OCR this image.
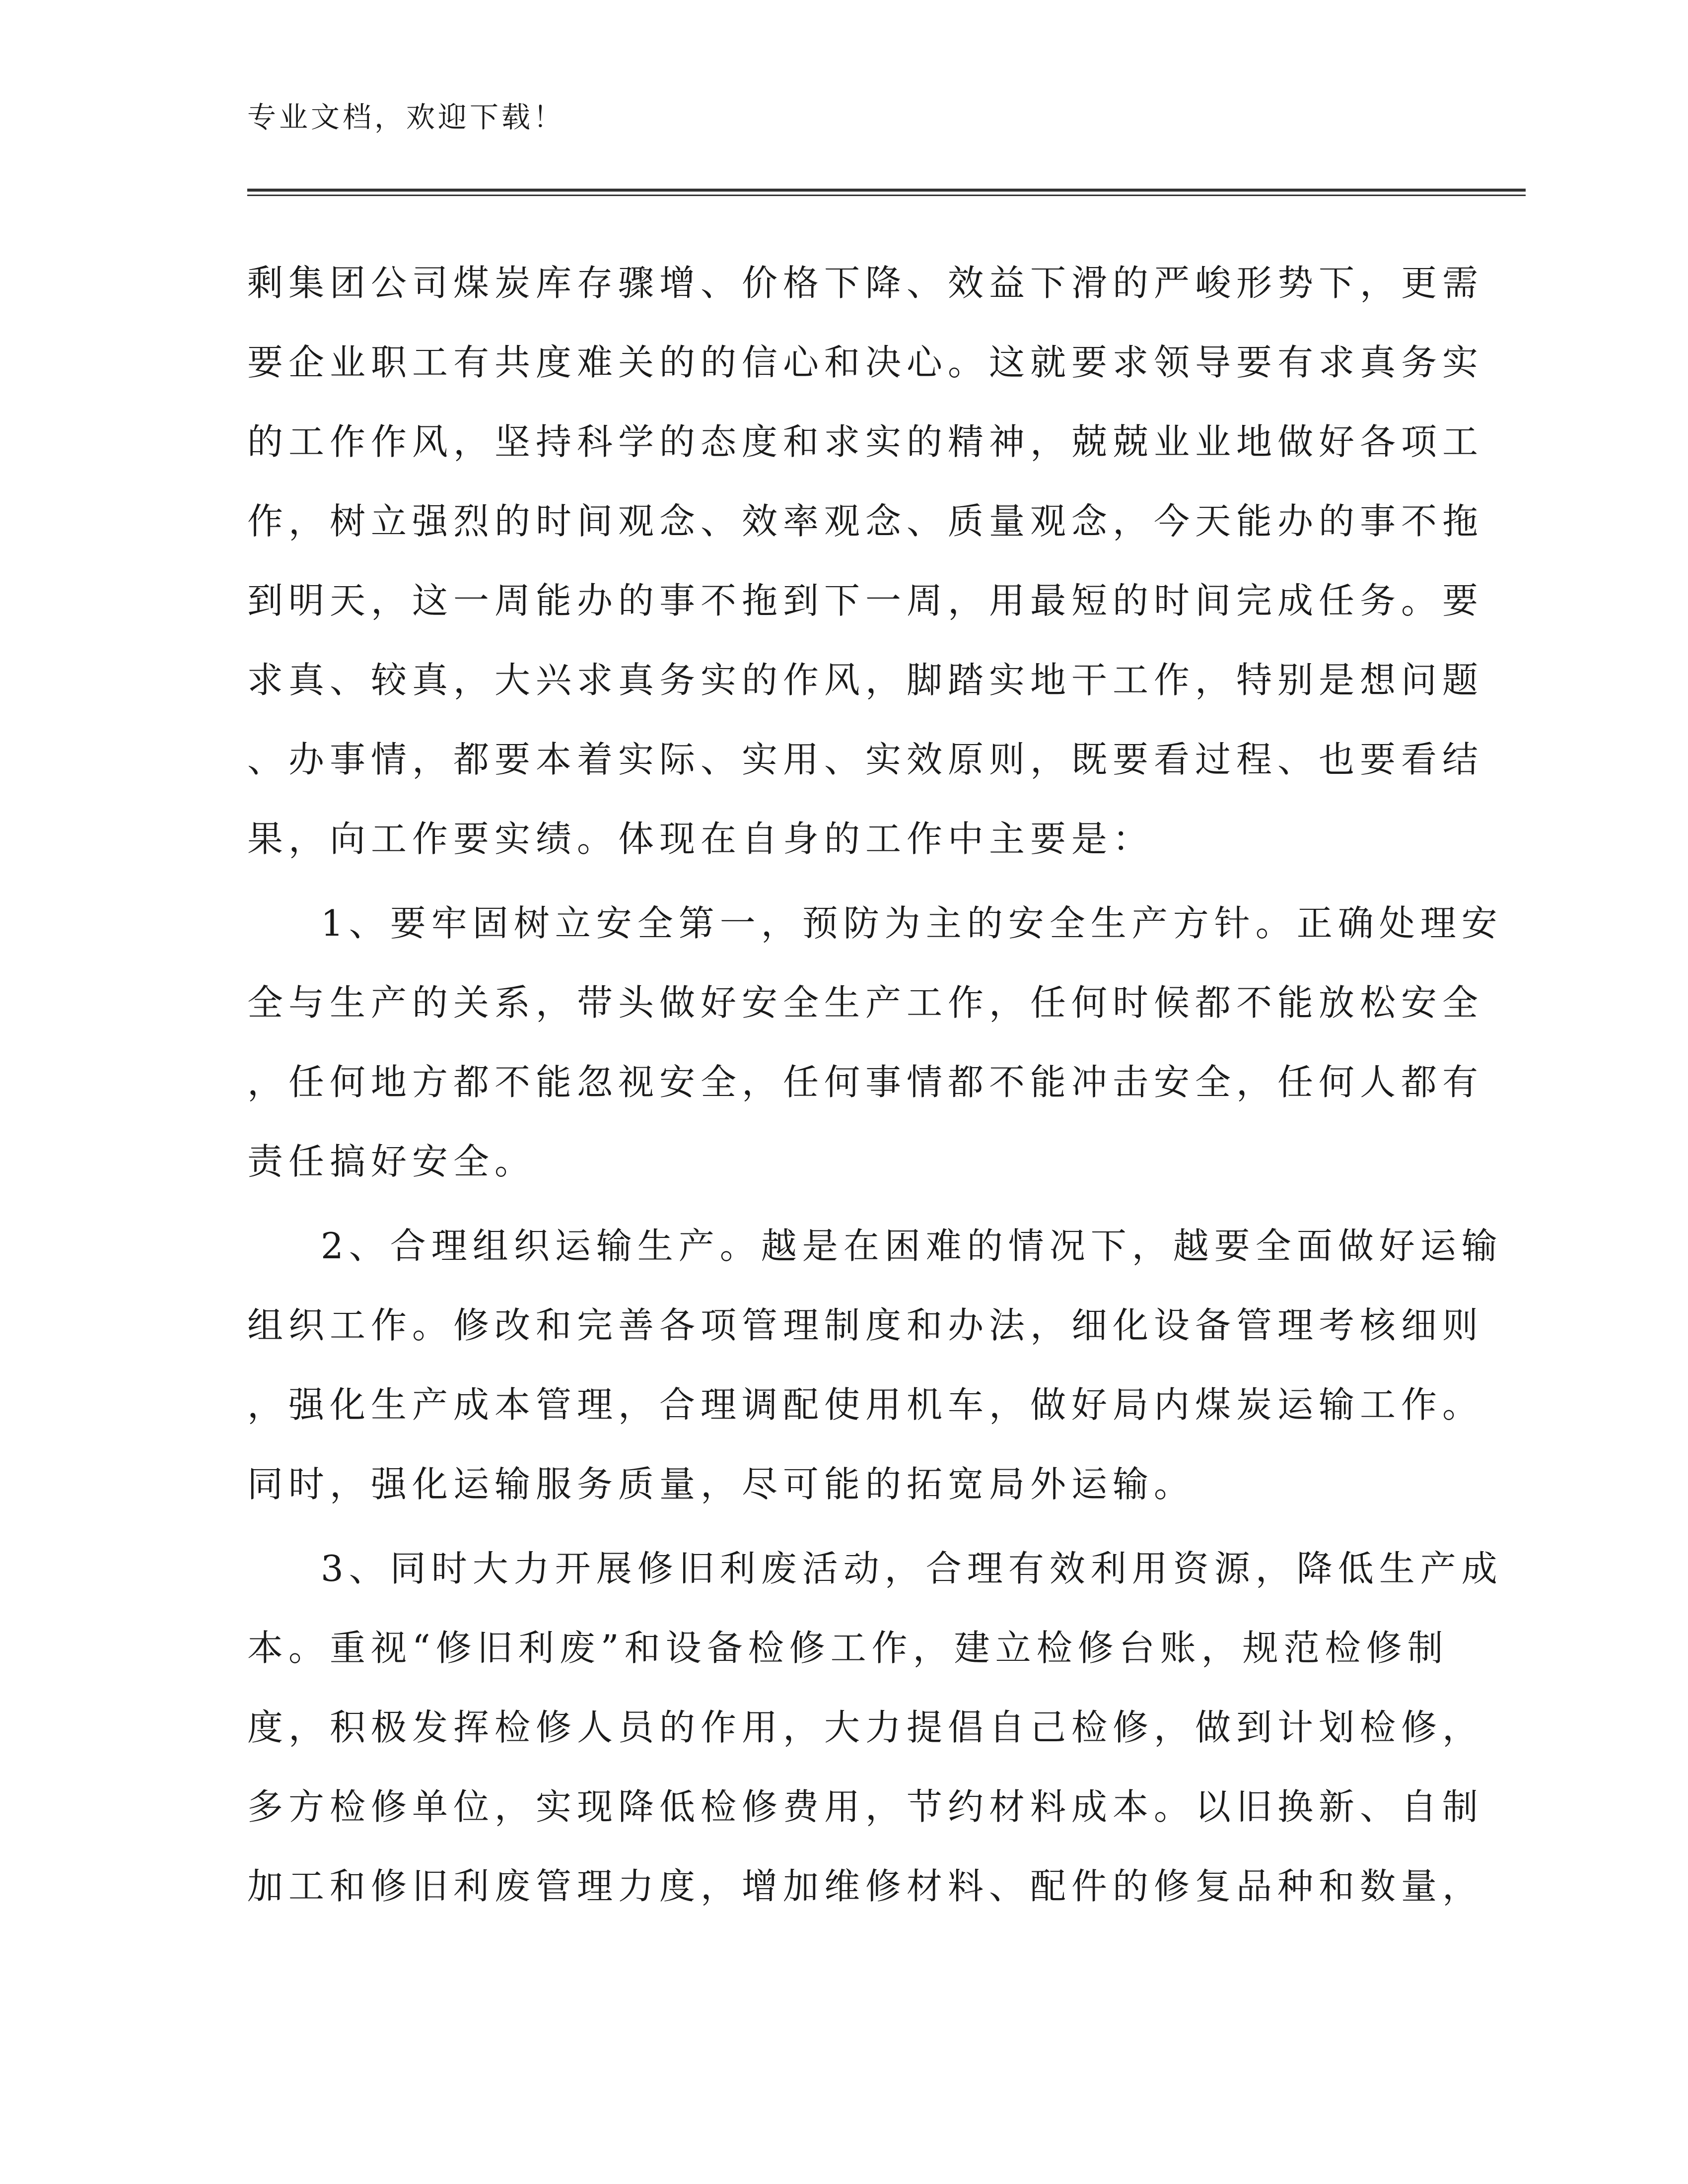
专业文档，欢迎下载！
剩集团公司煤炭库存骤增、价格下降、效益下滑的严峻形势下，更需
要企业职工有共度难关的的信心和决心。这就要求领导要有求真务实
的工作作风，坚持科学的态度和求实的精神，兢兢业业地做好各项工
作，树立强烈的时间观念、效率观念、质量观念，今天能办的事不拖
到明天，这一周能办的事不拖到下一周，用最短的时间完成任务。要
求真、较真，大兴求真务实的作风，脚踏实地干工作，特别是想问题
、办事情，都要本着实际、实用、实效原则，既要看过程、也要看结
果，向工作要实绩。体现在自身的工作中主要是：
1、要牢固树立安全第一，预防为主的安全生产方针。正确处理安
全与生产的关系，带头做好安全生产工作，任何时候都不能放松安全
，任何地方都不能忽视安全，任何事情都不能冲击安全，任何人都有
责任搞好安全。
2、合理组织运输生产。越是在困难的情况下，越要全面做好运输
组织工作。修改和完善各项管理制度和办法，细化设备管理考核细则
，强化生产成本管理，合理调配使用机车，做好局内煤炭运输工作。
同时，强化运输服务质量，尽可能的拓宽局外运输。
3、同时大力开展修旧利废活动，合理有效利用资源，降低生产成
本。重视“修旧利废”和设备检修工作，建立检修台账，规范检修制
度，积极发挥检修人员的作用，大力提倡自己检修，做到计划检修，
多方检修单位，实现降低检修费用，节约材料成本。以旧换新、自制
加工和修旧利废管理力度，增加维修材料、配件的修复品种和数量，
